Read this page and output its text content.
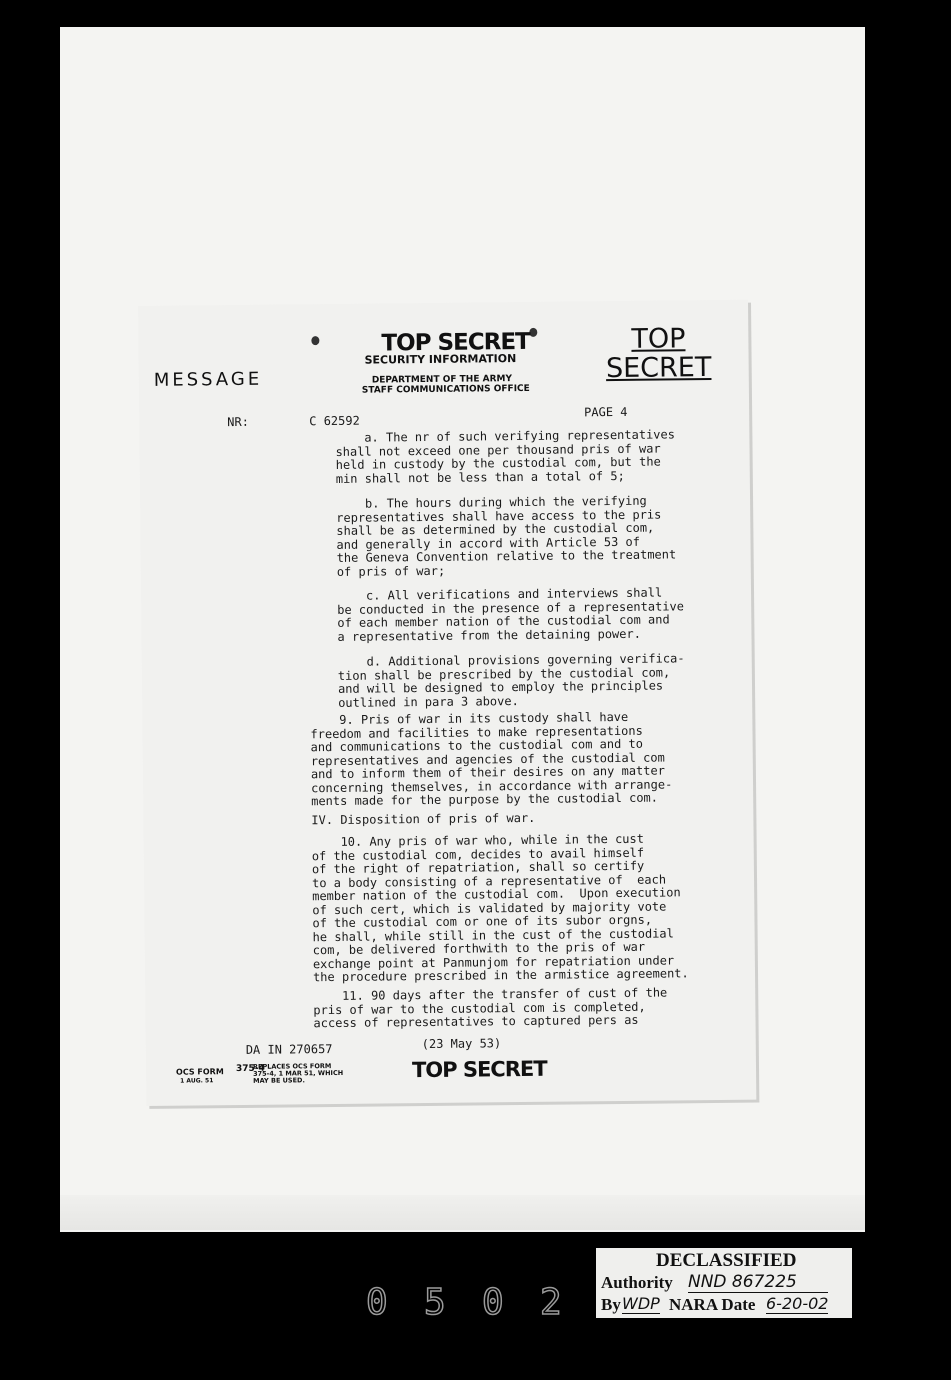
TOP SECRET
SECURITY INFORMATION
DEPARTMENT OF THE ARMY
STAFF COMMUNICATIONS OFFICE
MESSAGE
TOP
SECRET
NR:	C 62592
PAGE 4
a. The nr of such verifying representatives
shall not exceed one per thousand pris of war
held in custody by the custodial com, but the
min shall not be less than a total of 5;
b. The hours during which the verifying
representatives shall have access to the pris
shall be as determined by the custodial com,
and generally in accord with Article 53 of
the Geneva Convention relative to the treatment
of pris of war;
c. All verifications and interviews shall
be conducted in the presence of a representative
of each member nation of the custodial com and
a representative from the detaining power.
d. Additional provisions governing verifica-
tion shall be prescribed by the custodial com,
and will be designed to employ the principles
outlined in para 3 above.
9. Pris of war in its custody shall have
freedom and facilities to make representations
and communications to the custodial com and to
representatives and agencies of the custodial com
and to inform them of their desires on any matter
concerning themselves, in accordance with arrange-
ments made for the purpose by the custodial com.
IV. Disposition of pris of war.
10. Any pris of war who, while in the cust
of the custodial com, decides to avail himself
of the right of repatriation, shall so certify
to a body consisting of a representative of  each
member nation of the custodial com.  Upon execution
of such cert, which is validated by majority vote
of the custodial com or one of its subor orgns,
he shall, while still in the cust of the custodial
com, be delivered forthwith to the pris of war
exchange point at Panmunjom for repatriation under
the procedure prescribed in the armistice agreement.
11. 90 days after the transfer of cust of the
pris of war to the custodial com is completed,
access of representatives to captured pers as
DA IN 270657	(23 May 53)
OCS FORM
1 AUG. 51
375-4
REPLACES OCS FORM
375-4, 1 MAR 51, WHICH
MAY BE USED.	TOP SECRET
DECLASSIFIED
Authority NND 867225
By WDP NARA Date 6-20-02
0 5 0 2
